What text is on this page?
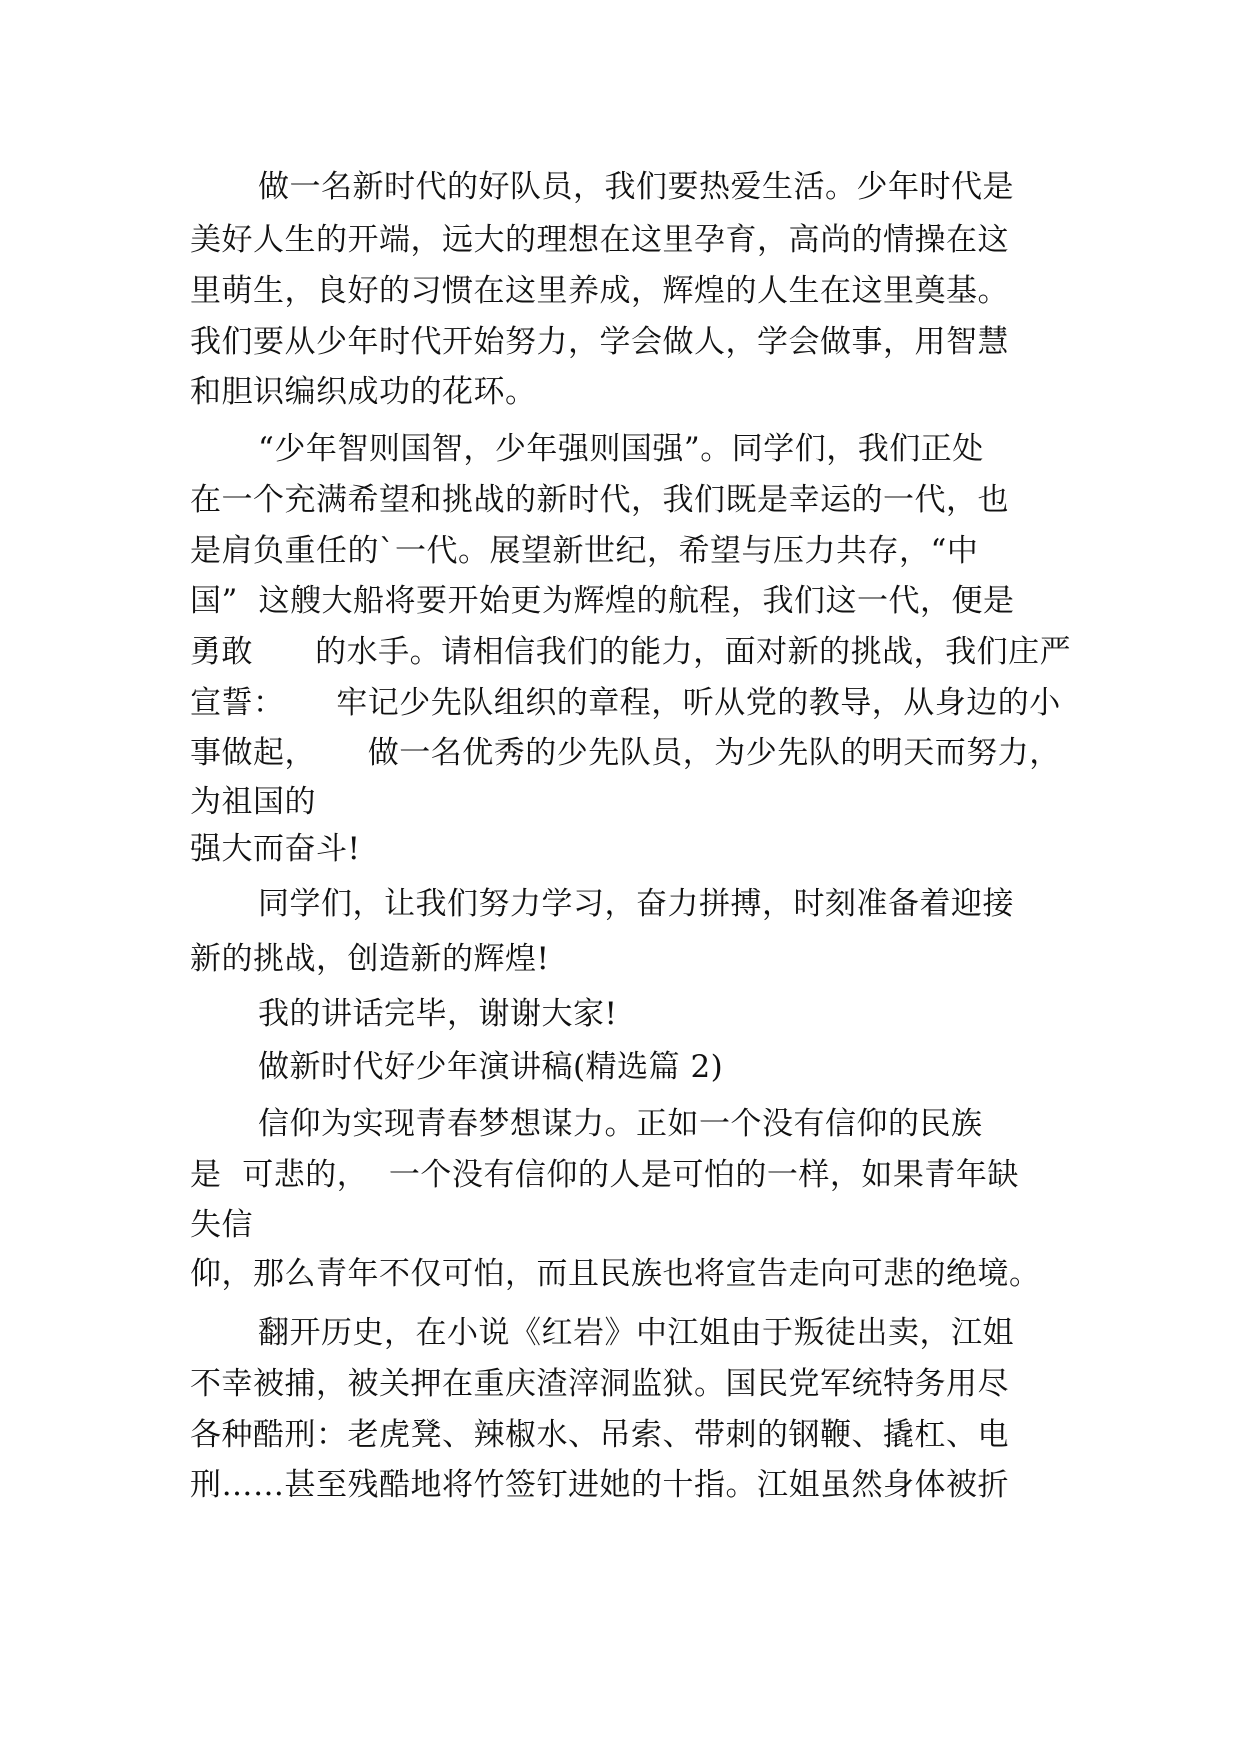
做一名新时代的好队员，我们要热爱生活。少年时代是
美好人生的开端，远大的理想在这里孕育，高尚的情操在这
里萌生，良好的习惯在这里养成，辉煌的人生在这里奠基。
我们要从少年时代开始努力，学会做人，学会做事，用智慧
和胆识编织成功的花环。
“少年智则国智，少年强则国强”。同学们，我们正处
在一个充满希望和挑战的新时代，我们既是幸运的一代，也
是肩负重任的`一代。展望新世纪，希望与压力共存，“中
国”  这艘大船将要开始更为辉煌的航程，我们这一代，便是
勇敢      的水手。请相信我们的能力，面对新的挑战，我们庄严
宣誓：     牢记少先队组织的章程，听从党的教导，从身边的小
事做起，     做一名优秀的少先队员，为少先队的明天而努力，
为祖国的
强大而奋斗!
同学们，让我们努力学习，奋力拼搏，时刻准备着迎接
新的挑战，创造新的辉煌!
我的讲话完毕，谢谢大家!
做新时代好少年演讲稿(精选篇 2)
信仰为实现青春梦想谋力。正如一个没有信仰的民族
是  可悲的，  一个没有信仰的人是可怕的一样，如果青年缺
失信
仰，那么青年不仅可怕，而且民族也将宣告走向可悲的绝境。
翻开历史，在小说《红岩》中江姐由于叛徒出卖，江姐
不幸被捕，被关押在重庆渣滓洞监狱。国民党军统特务用尽
各种酷刑：老虎凳、辣椒水、吊索、带刺的钢鞭、撬杠、电
刑……甚至残酷地将竹签钉进她的十指。江姐虽然身体被折
